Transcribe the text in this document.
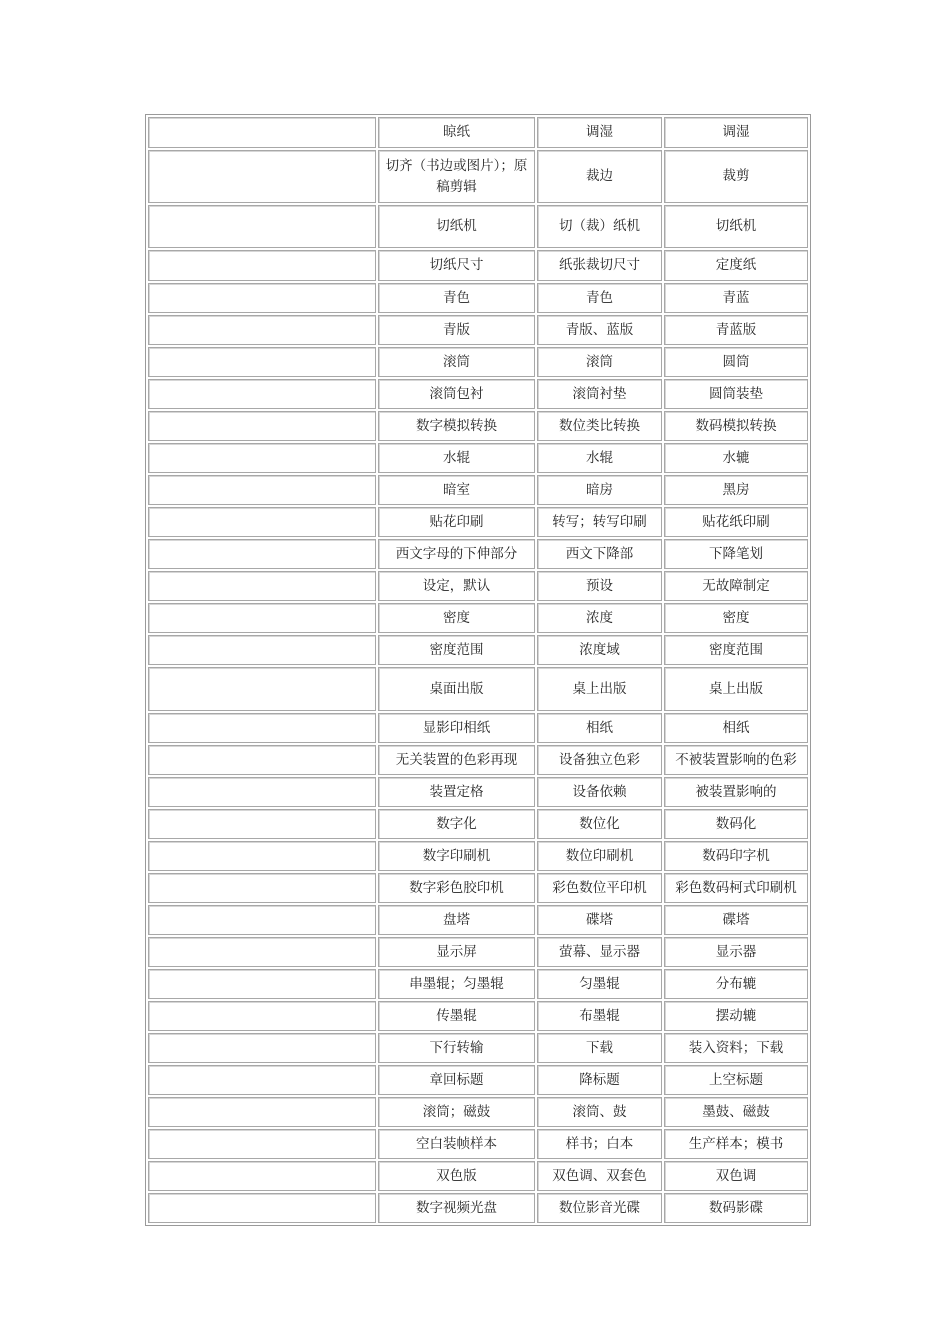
	晾纸	调湿	调湿
	切齐（书边或图片）；原稿剪辑	裁边	裁剪
	切纸机	切（裁）纸机	切纸机
	切纸尺寸	纸张裁切尺寸	定度纸
	青色	青色	青蓝
	青版	青版、蓝版	青蓝版
	滚筒	滚筒	圆筒
	滚筒包衬	滚筒衬垫	圆筒装垫
	数字模拟转换	数位类比转换	数码模拟转换
	水辊	水辊	水辘
	暗室	暗房	黑房
	贴花印刷	转写；转写印刷	贴花纸印刷
	西文字母的下伸部分	西文下降部	下降笔划
	设定，默认	预设	无故障制定
	密度	浓度	密度
	密度范围	浓度域	密度范围
	桌面出版	桌上出版	桌上出版
	显影印相纸	相纸	相纸
	无关装置的色彩再现	设备独立色彩	不被装置影响的色彩
	装置定格	设备依赖	被装置影响的
	数字化	数位化	数码化
	数字印刷机	数位印刷机	数码印字机
	数字彩色胶印机	彩色数位平印机	彩色数码柯式印刷机
	盘塔	碟塔	碟塔
	显示屏	萤幕、显示器	显示器
	串墨辊；匀墨辊	匀墨辊	分布辘
	传墨辊	布墨辊	摆动辘
	下行转输	下载	装入资料；下载
	章回标题	降标题	上空标题
	滚筒；磁鼓	滚筒、鼓	墨鼓、磁鼓
	空白装帧样本	样书；白本	生产样本；模书
	双色版	双色调、双套色	双色调
	数字视频光盘	数位影音光碟	数码影碟
